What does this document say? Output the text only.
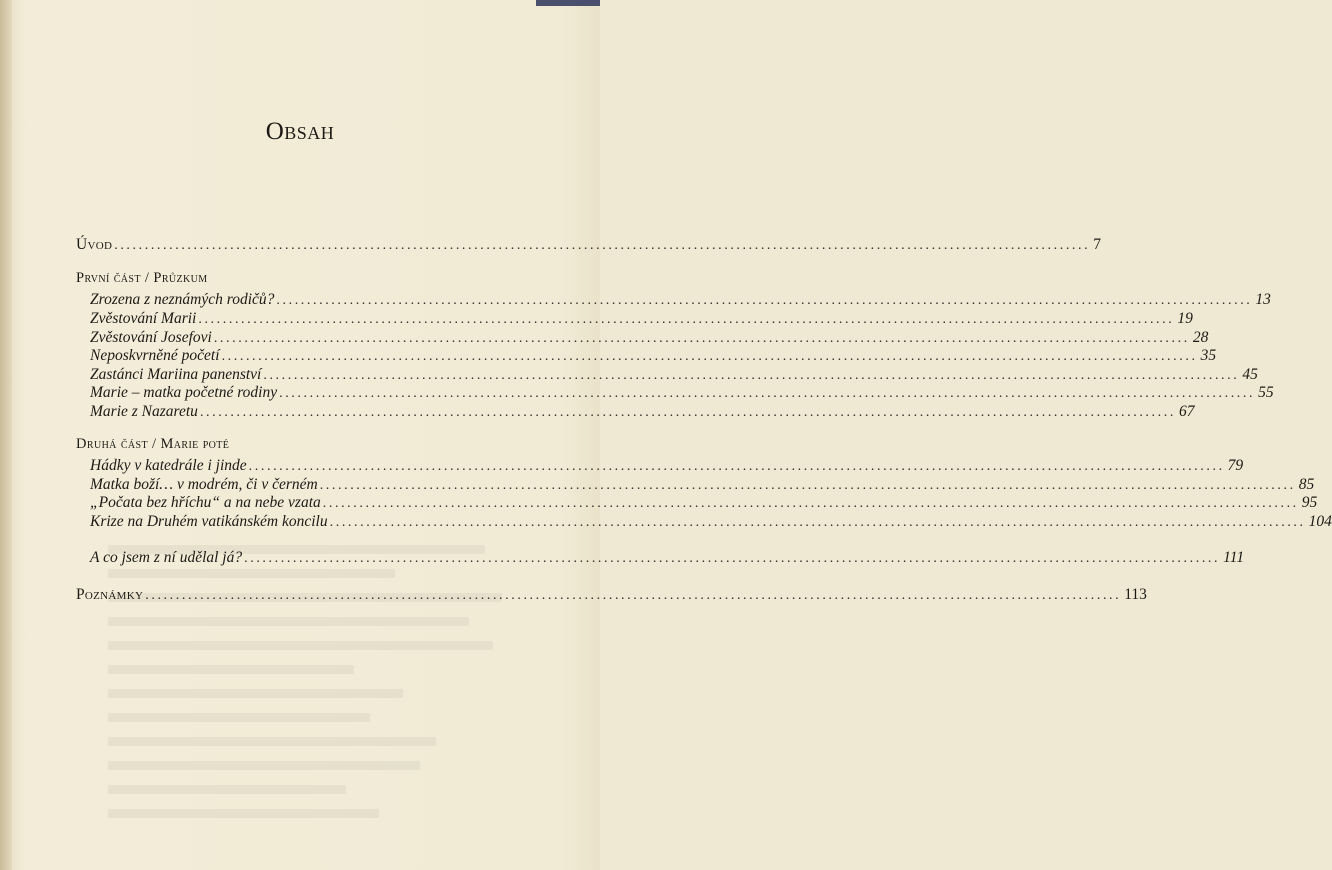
Obsah
Úvod ................................................................................................................................................................ 7
První část / Průzkum
Zrozena z neznámých rodičů? ................................................................................................................................................................ 13
Zvěstování Marii ................................................................................................................................................................ 19
Zvěstování Josefovi ................................................................................................................................................................ 28
Neposkvrněné početí ................................................................................................................................................................ 35
Zastánci Mariina panenství ................................................................................................................................................................ 45
Marie – matka početné rodiny ................................................................................................................................................................ 55
Marie z Nazaretu ................................................................................................................................................................ 67
Druhá část / Marie poté
Hádky v katedrále i jinde ................................................................................................................................................................ 79
Matka boží… v modrém, či v černém ................................................................................................................................................................ 85
„Počata bez hříchu“ a na nebe vzata ................................................................................................................................................................ 95
Krize na Druhém vatikánském koncilu ................................................................................................................................................................ 104
A co jsem z ní udělal já? ................................................................................................................................................................ 111
Poznámky ................................................................................................................................................................ 113
